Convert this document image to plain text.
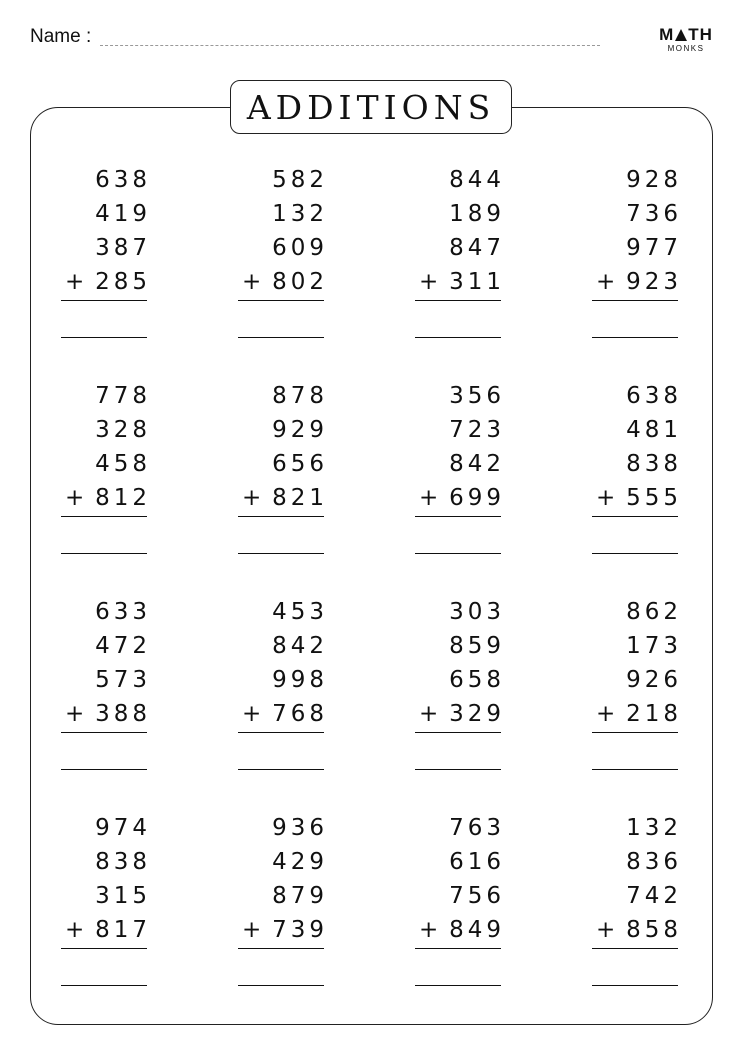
Name :	M TH
MONKS
ADDITIONS
638
419
387
285
+
582
132
609
802
+
844
189
847
311
+
928
736
977
923
+
778
328
458
812
+
878
929
656
821
+
356
723
842
699
+
638
481
838
555
+
633
472
573
388
+
453
842
998
768
+
303
859
658
329
+
862
173
926
218
+
974
838
315
817
+
936
429
879
739
+
763
616
756
849
+
132
836
742
858
+
